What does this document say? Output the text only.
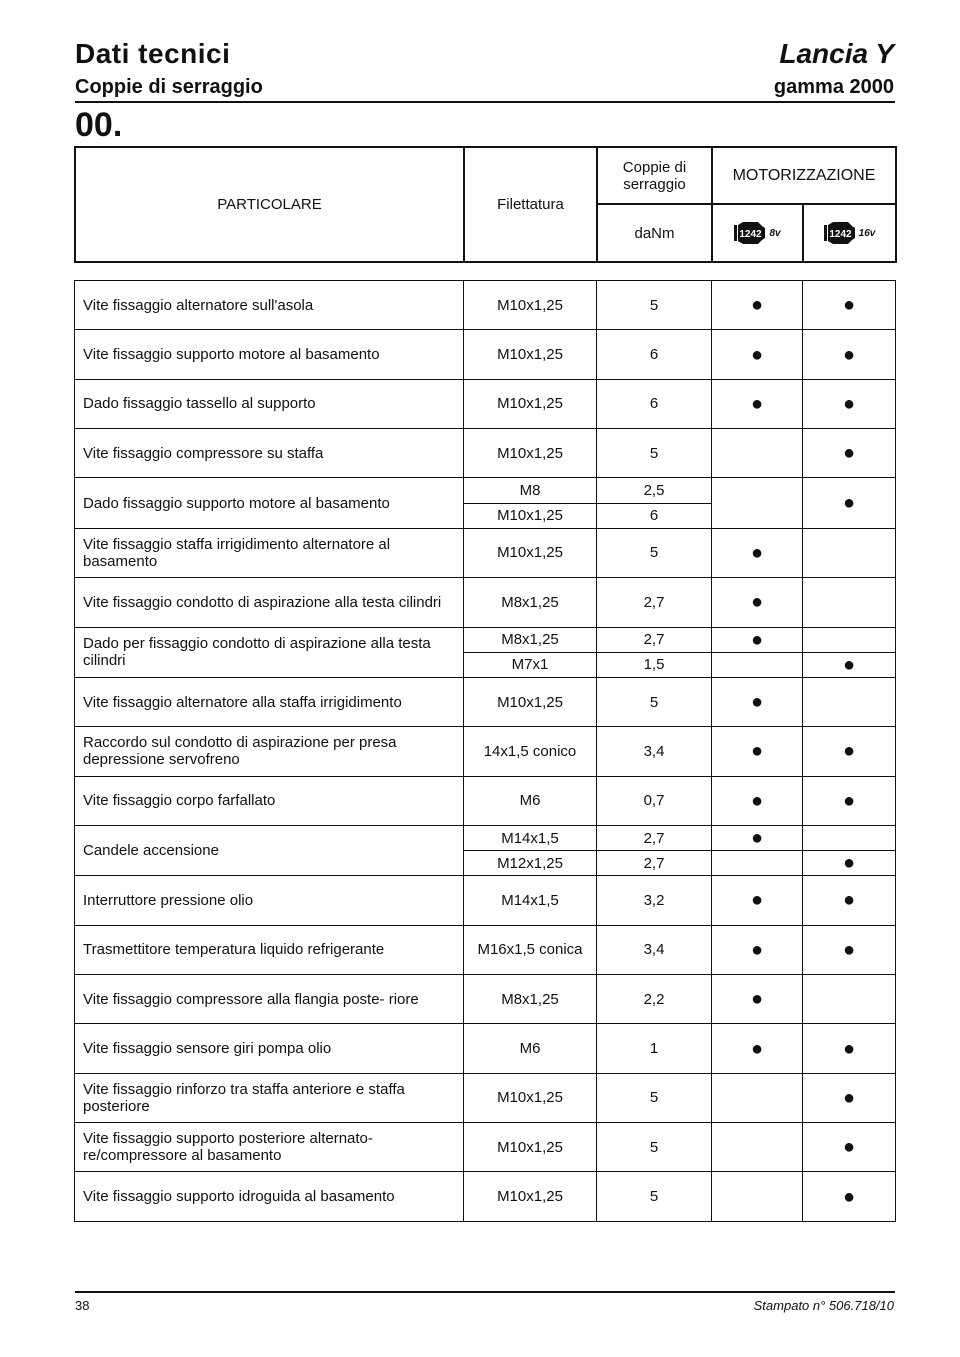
Dati tecnici
Coppie di serraggio
Lancia Y
gamma 2000
00.
PARTICOLARE	Filettatura	Coppie di serraggio	MOTORIZZAZIONE	
		daNm	1242 8v	1242 16v
Vite fissaggio alternatore sull'asola	M10x1,25	5	●	●
Vite fissaggio supporto motore al basamento	M10x1,25	6	●	●
Dado fissaggio tassello al supporto	M10x1,25	6	●	●
Vite fissaggio compressore su staffa	M10x1,25	5		●
Dado fissaggio supporto motore al basamento	M8	2,5		●
	M10x1,25	6		
Vite fissaggio staffa irrigidimento alternatore al basamento	M10x1,25	5	●	
Vite fissaggio condotto di aspirazione alla testa cilindri	M8x1,25	2,7	●	
Dado per fissaggio condotto di aspirazione alla testa cilindri	M8x1,25	2,7	●	
	M7x1	1,5		●
Vite fissaggio alternatore alla staffa irrigidimento	M10x1,25	5	●	
Raccordo sul condotto di aspirazione per presa depressione servofreno	14x1,5 conico	3,4	●	●
Vite fissaggio corpo farfallato	M6	0,7	●	●
Candele accensione	M14x1,5	2,7	●	
	M12x1,25	2,7		●
Interruttore pressione olio	M14x1,5	3,2	●	●
Trasmettitore temperatura liquido refrigerante	M16x1,5 conica	3,4	●	●
Vite fissaggio compressore alla flangia poste- riore	M8x1,25	2,2	●	
Vite fissaggio sensore giri pompa olio	M6	1	●	●
Vite fissaggio rinforzo tra staffa anteriore e staffa posteriore	M10x1,25	5		●
Vite fissaggio supporto posteriore alternato- re/compressore al basamento	M10x1,25	5		●
Vite fissaggio supporto idroguida al basamento	M10x1,25	5		●
38	Stampato n° 506.718/10
